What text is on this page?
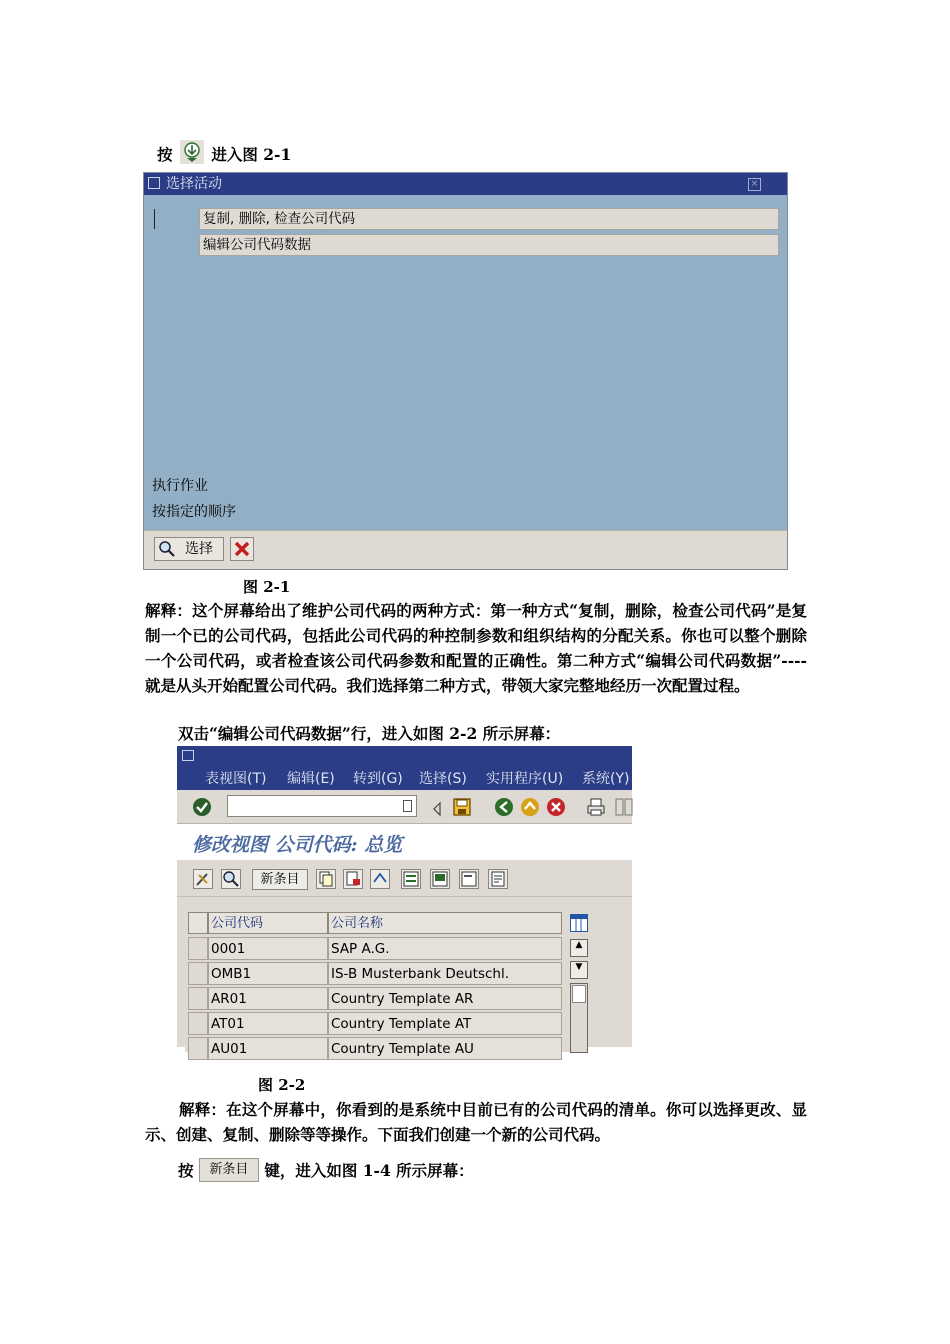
按	进入图 2-1
选择活动	×
复制, 删除, 检查公司代码
编辑公司代码数据
执行作业
按指定的顺序
选择
图 2-1
解释：这个屏幕给出了维护公司代码的两种方式：第一种方式“复制，删除，检查公司代码”是复制一个已的公司代码，包括此公司代码的种控制参数和组织结构的分配关系。你也可以整个删除一个公司代码，或者检查该公司代码参数和配置的正确性。第二种方式“编辑公司代码数据”----就是从头开始配置公司代码。我们选择第二种方式，带领大家完整地经历一次配置过程。
双击“编辑公司代码数据”行，进入如图 2-2 所示屏幕：
表视图(T) 编辑(E) 转到(G) 选择(S) 实用程序(U) 系统(Y)
修改视图 公司代码: 总览
新条目
公司代码	公司名称
0001	SAP A.G.
OMB1	IS-B Musterbank Deutschl.
AR01	Country Template AR
AT01	Country Template AT
AU01	Country Template AU
▲
▼
图 2-2
解释：在这个屏幕中，你看到的是系统中目前已有的公司代码的清单。你可以选择更改、显示、创建、复制、删除等等操作。下面我们创建一个新的公司代码。
按 新条目 键，进入如图 1-4 所示屏幕：
